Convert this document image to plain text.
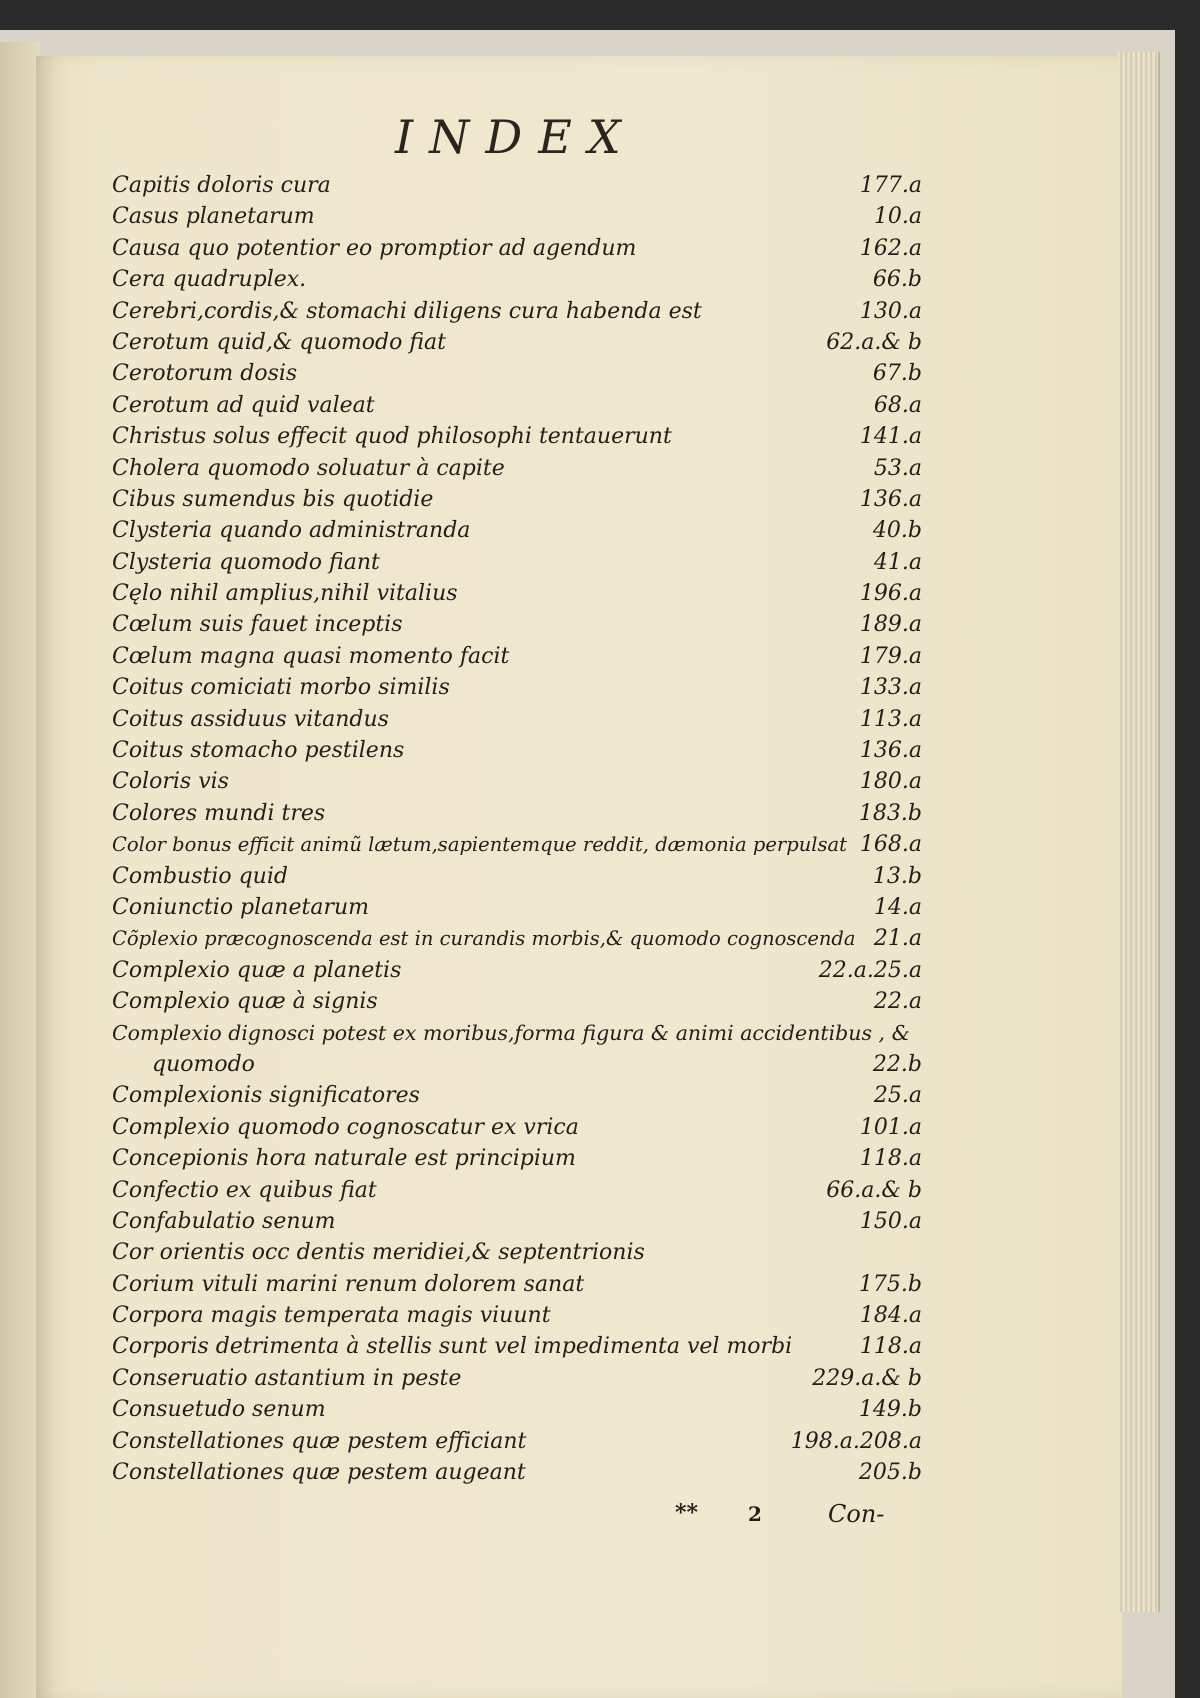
INDEX
Capitis doloris cura	177.a
Casus planetarum	10.a
Causa quo potentior eo promptior ad agendum	162.a
Cera quadruplex.	66.b
Cerebri,cordis,& stomachi diligens cura habenda est	130.a
Cerotum quid,& quomodo fiat	62.a.& b
Cerotorum dosis	67.b
Cerotum ad quid valeat	68.a
Christus solus effecit quod philosophi tentauerunt	141.a
Cholera quomodo soluatur à capite	53.a
Cibus sumendus bis quotidie	136.a
Clysteria quando administranda	40.b
Clysteria quomodo fiant	41.a
Cęlo nihil amplius,nihil vitalius	196.a
Cœlum suis fauet inceptis	189.a
Cœlum magna quasi momento facit	179.a
Coitus comiciati morbo similis	133.a
Coitus assiduus vitandus	113.a
Coitus stomacho pestilens	136.a
Coloris vis	180.a
Colores mundi tres	183.b
Color bonus efficit animũ lætum,sapientemque reddit, dæmonia perpulsat 168.a
Combustio quid	13.b
Coniunctio planetarum	14.a
Cõplexio præcognoscenda est in curandis morbis,& quomodo cognoscenda 21.a
Complexio quæ a planetis	22.a.25.a
Complexio quæ à signis	22.a
Complexio dignosci potest ex moribus,forma figura & animi accidentibus , &
quomodo	22.b
Complexionis significatores	25.a
Complexio quomodo cognoscatur ex vrica	101.a
Concepionis hora naturale est principium	118.a
Confectio ex quibus fiat	66.a.& b
Confabulatio senum	150.a
Cor orientis occ dentis meridiei,& septentrionis
Corium vituli marini renum dolorem sanat	175.b
Corpora magis temperata magis viuunt	184.a
Corporis detrimenta à stellis sunt vel impedimenta vel morbi	118.a
Conseruatio astantium in peste	229.a.& b
Consuetudo senum	149.b
Constellationes quæ pestem efficiant	198.a.208.a
Constellationes quæ pestem augeant	205.b
** 2	Con-
